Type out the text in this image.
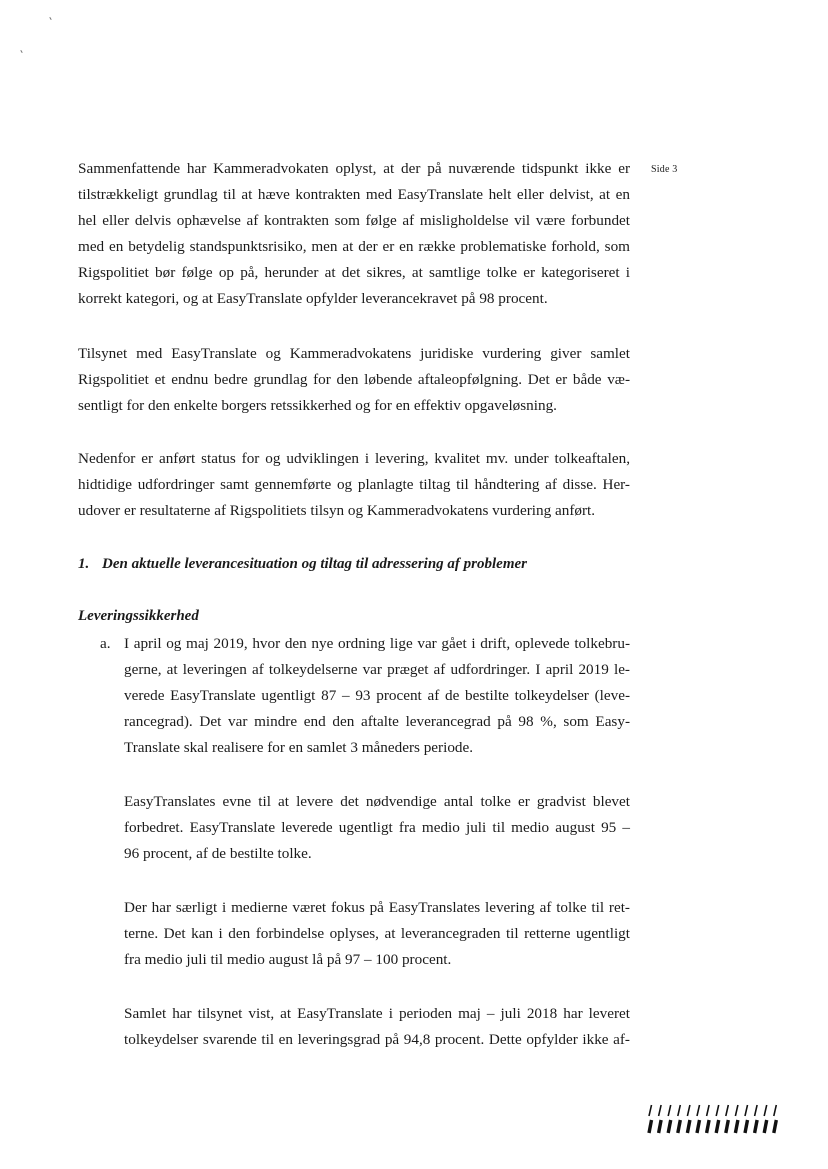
Side 3
Sammenfattende har Kammeradvokaten oplyst, at der på nuværende tidspunkt ikke er
tilstrækkeligt grundlag til at hæve kontrakten med EasyTranslate helt eller delvist, at en
hel eller delvis ophævelse af kontrakten som følge af misligholdelse vil være forbundet
med en betydelig standspunktsrisiko, men at der er en række problematiske forhold, som
Rigspolitiet bør følge op på, herunder at det sikres, at samtlige tolke er kategoriseret i
korrekt kategori, og at EasyTranslate opfylder leverancekravet på 98 procent.
Tilsynet med EasyTranslate og Kammeradvokatens juridiske vurdering giver samlet
Rigspolitiet et endnu bedre grundlag for den løbende aftaleopfølgning. Det er både væ-
sentligt for den enkelte borgers retssikkerhed og for en effektiv opgaveløsning.
Nedenfor er anført status for og udviklingen i levering, kvalitet mv. under tolkeaftalen,
hidtidige udfordringer samt gennemførte og planlagte tiltag til håndtering af disse. Her-
udover er resultaterne af Rigspolitiets tilsyn og Kammeradvokatens vurdering anført.
1. Den aktuelle leverancesituation og tiltag til adressering af problemer
Leveringssikkerhed
a. I april og maj 2019, hvor den nye ordning lige var gået i drift, oplevede tolkebru-
gerne, at leveringen af tolkeydelserne var præget af udfordringer. I april 2019 le-
verede EasyTranslate ugentligt 87 – 93 procent af de bestilte tolkeydelser (leve-
rancegrad). Det var mindre end den aftalte leverancegrad på 98 %, som Easy-
Translate skal realisere for en samlet 3 måneders periode.
EasyTranslates evne til at levere det nødvendige antal tolke er gradvist blevet
forbedret. EasyTranslate leverede ugentligt fra medio juli til medio august 95 –
96 procent, af de bestilte tolke.
Der har særligt i medierne været fokus på EasyTranslates levering af tolke til ret-
terne. Det kan i den forbindelse oplyses, at leverancegraden til retterne ugentligt
fra medio juli til medio august lå på 97 – 100 procent.
Samlet har tilsynet vist, at EasyTranslate i perioden maj – juli 2018 har leveret
tolkeydelser svarende til en leveringsgrad på 94,8 procent. Dette opfylder ikke af-
